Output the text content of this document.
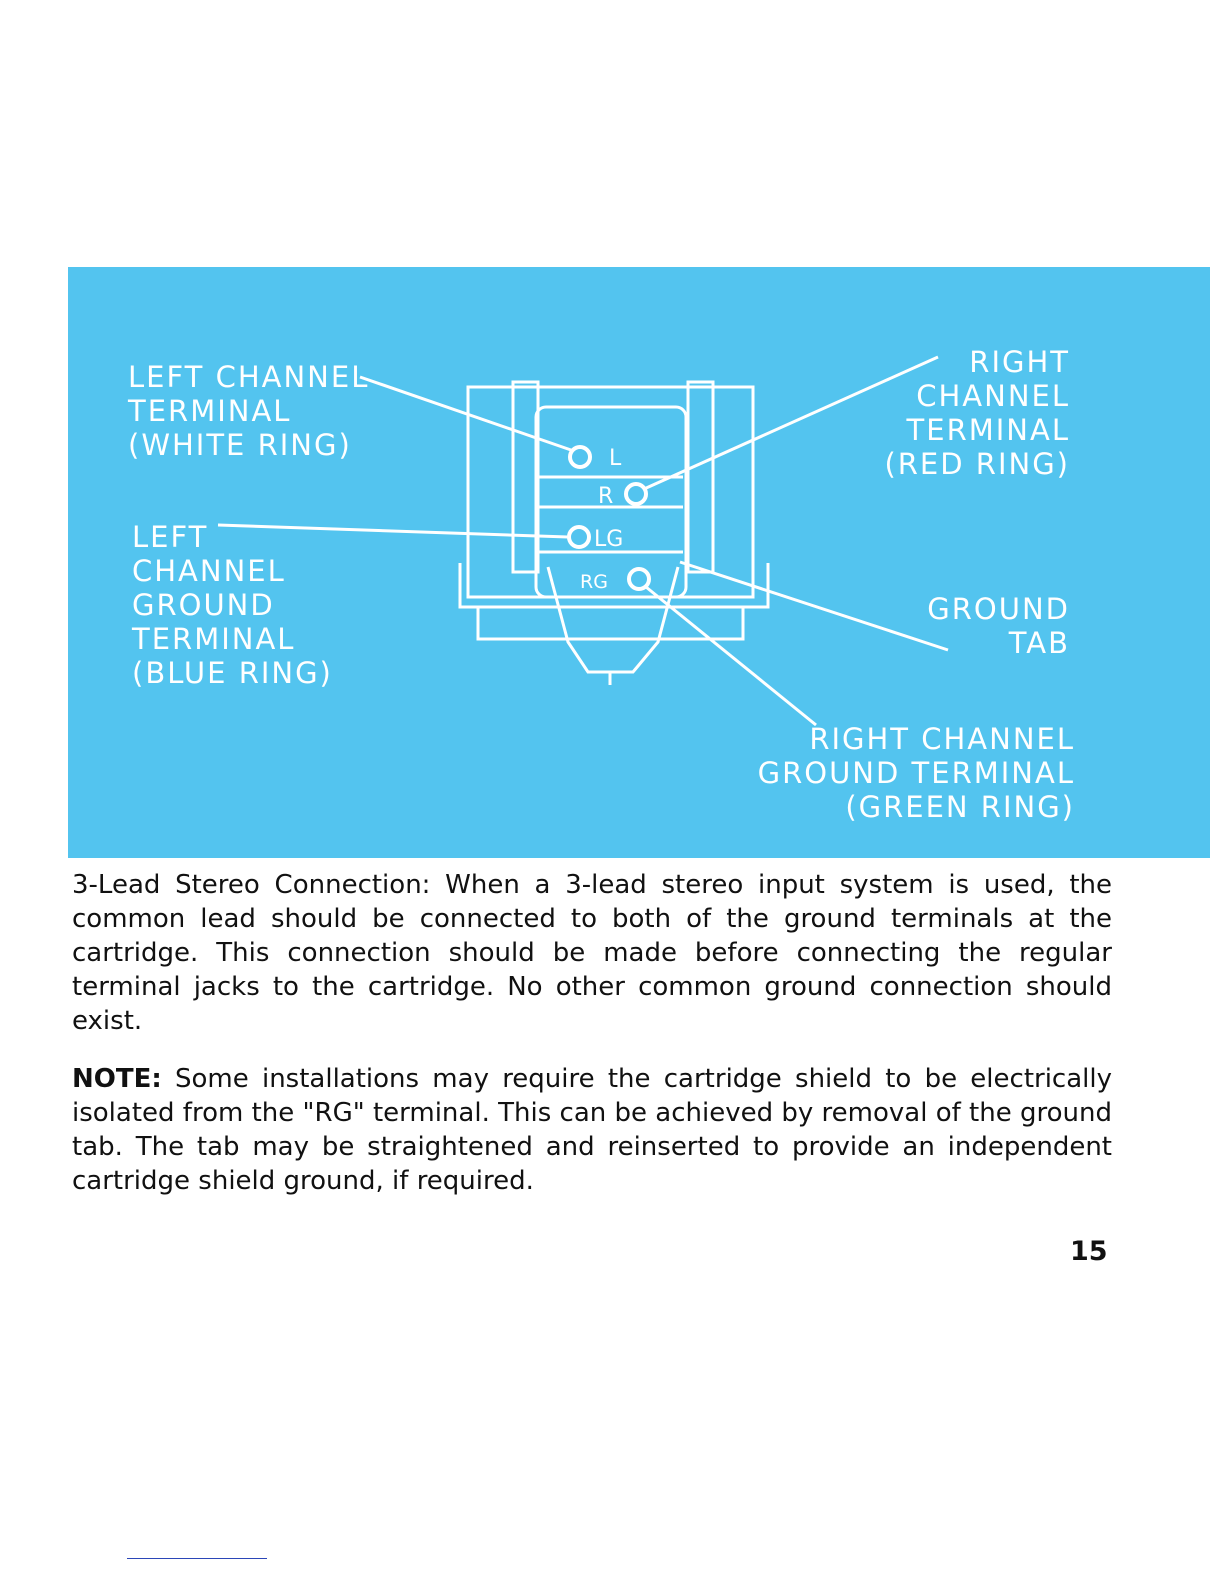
L
R
LG
RG
LEFT CHANNEL
TERMINAL
(WHITE RING)
LEFT
CHANNEL
GROUND
TERMINAL
(BLUE RING)
RIGHT
CHANNEL
TERMINAL
(RED RING)
GROUND
TAB
RIGHT CHANNEL
GROUND TERMINAL
(GREEN RING)

3-Lead Stereo Connection: When a 3-lead stereo input system is used, the common lead should be connected to both of the ground terminals at the cartridge. This connection should be made before connecting the regular terminal jacks to the cartridge. No other common ground connection should exist.

NOTE: Some installations may require the cartridge shield to be electrically isolated from the "RG" terminal. This can be achieved by removal of the ground tab. The tab may be straightened and reinserted to provide an independent cartridge shield ground, if required.

15
